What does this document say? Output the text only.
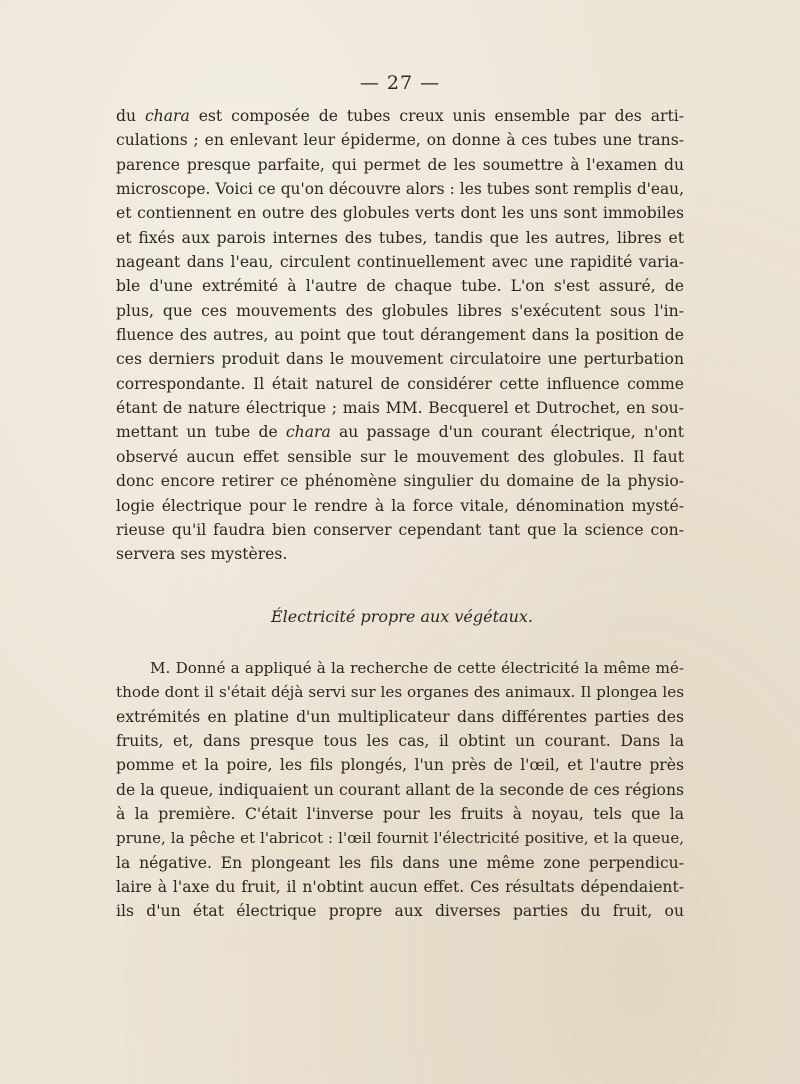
— 27 —
du chara est composée de tubes creux unis ensemble par des arti-
culations ; en enlevant leur épiderme, on donne à ces tubes une trans-
parence presque parfaite, qui permet de les soumettre à l'examen du
microscope. Voici ce qu'on découvre alors : les tubes sont remplis d'eau,
et contiennent en outre des globules verts dont les uns sont immobiles
et fixés aux parois internes des tubes, tandis que les autres, libres et
nageant dans l'eau, circulent continuellement avec une rapidité varia-
ble d'une extrémité à l'autre de chaque tube. L'on s'est assuré, de
plus, que ces mouvements des globules libres s'exécutent sous l'in-
fluence des autres, au point que tout dérangement dans la position de
ces derniers produit dans le mouvement circulatoire une perturbation
correspondante. Il était naturel de considérer cette influence comme
étant de nature électrique ; mais MM. Becquerel et Dutrochet, en sou-
mettant un tube de chara au passage d'un courant électrique, n'ont
observé aucun effet sensible sur le mouvement des globules. Il faut
donc encore retirer ce phénomène singulier du domaine de la physio-
logie électrique pour le rendre à la force vitale, dénomination mysté-
rieuse qu'il faudra bien conserver cependant tant que la science con-
servera ses mystères.
Électricité propre aux végétaux.
M. Donné a appliqué à la recherche de cette électricité la même mé-
thode dont il s'était déjà servi sur les organes des animaux. Il plongea les
extrémités en platine d'un multiplicateur dans différentes parties des
fruits, et, dans presque tous les cas, il obtint un courant. Dans la
pomme et la poire, les fils plongés, l'un près de l'œil, et l'autre près
de la queue, indiquaient un courant allant de la seconde de ces régions
à la première. C'était l'inverse pour les fruits à noyau, tels que la
prune, la pêche et l'abricot : l'œil fournit l'électricité positive, et la queue,
la négative. En plongeant les fils dans une même zone perpendicu-
laire à l'axe du fruit, il n'obtint aucun effet. Ces résultats dépendaient-
ils d'un état électrique propre aux diverses parties du fruit, ou
